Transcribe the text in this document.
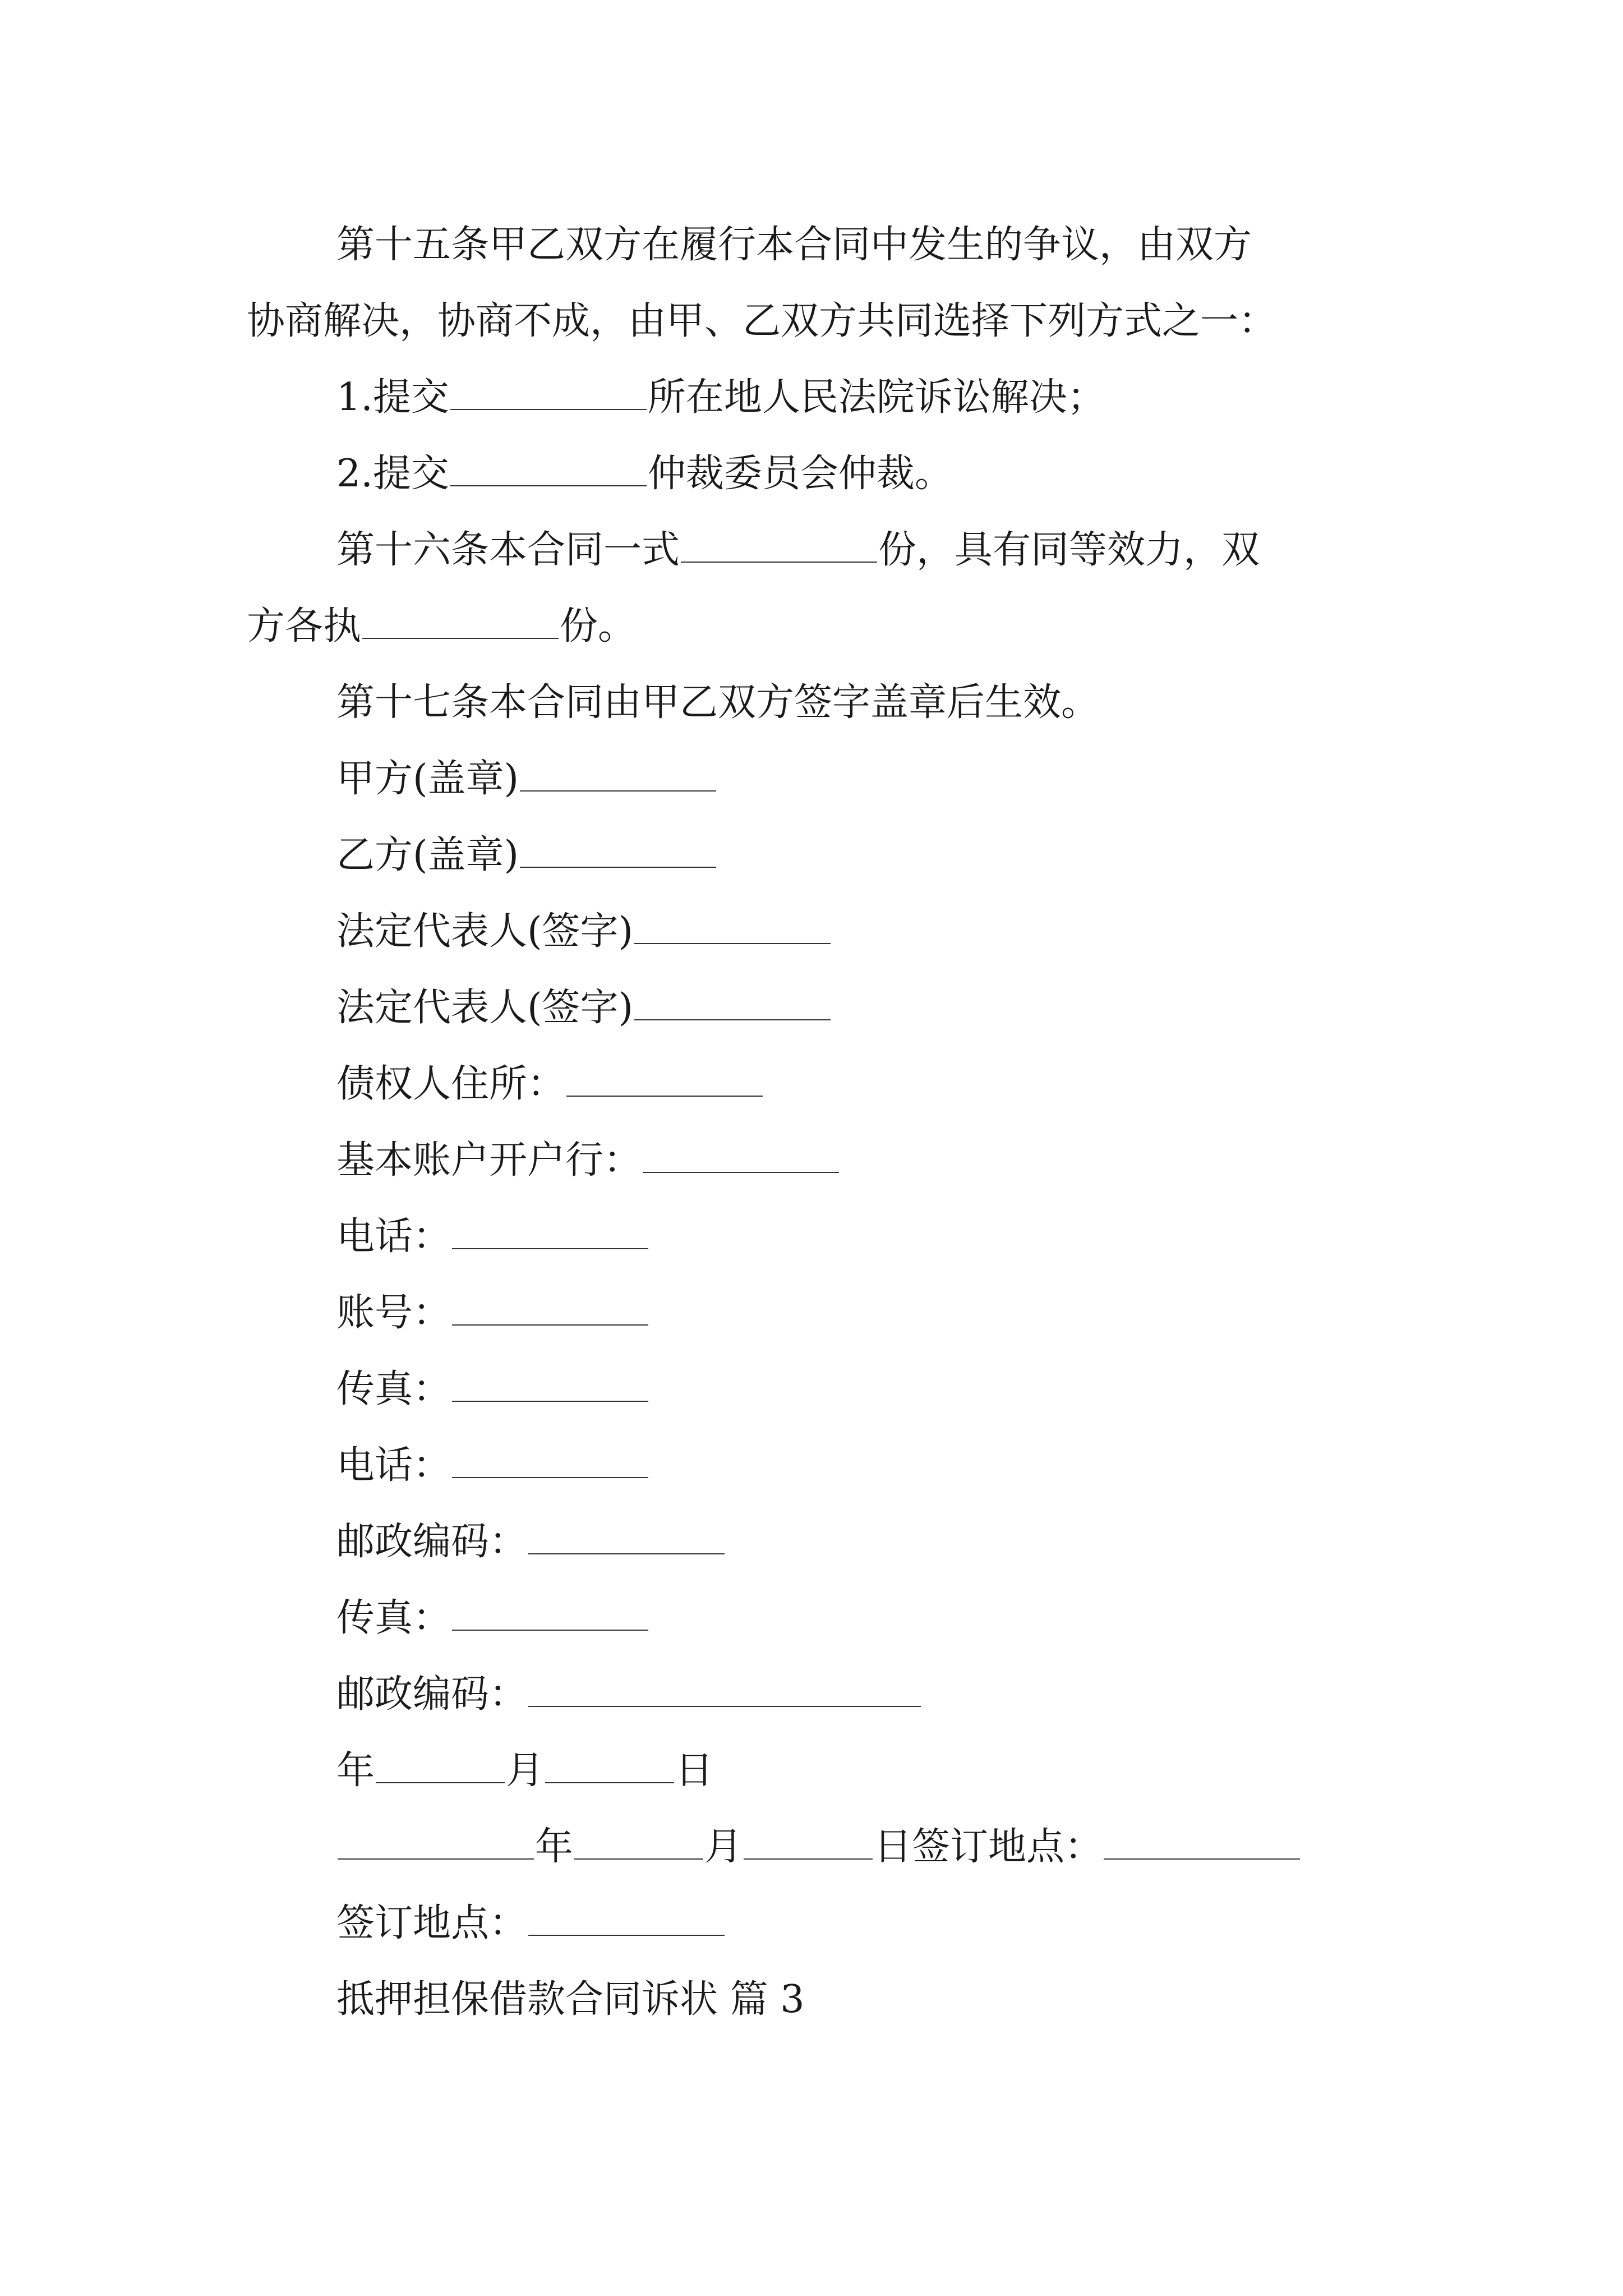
第十五条甲乙双方在履行本合同中发生的争议，由双方
协商解决，协商不成，由甲、乙双方共同选择下列方式之一：
1.提交	所在地人民法院诉讼解决；
2.提交	仲裁委员会仲裁。
第十六条本合同一式	份，具有同等效力，双
方各执	份。
第十七条本合同由甲乙双方签字盖章后生效。
甲方(盖章)
乙方(盖章)
法定代表人(签字)
法定代表人(签字)
债权人住所：
基本账户开户行：
电话：
账号：
传真：
电话：
邮政编码：
传真：
邮政编码：
年	月	日
年	月	日签订地点：
签订地点：
抵押担保借款合同诉状 篇 3
